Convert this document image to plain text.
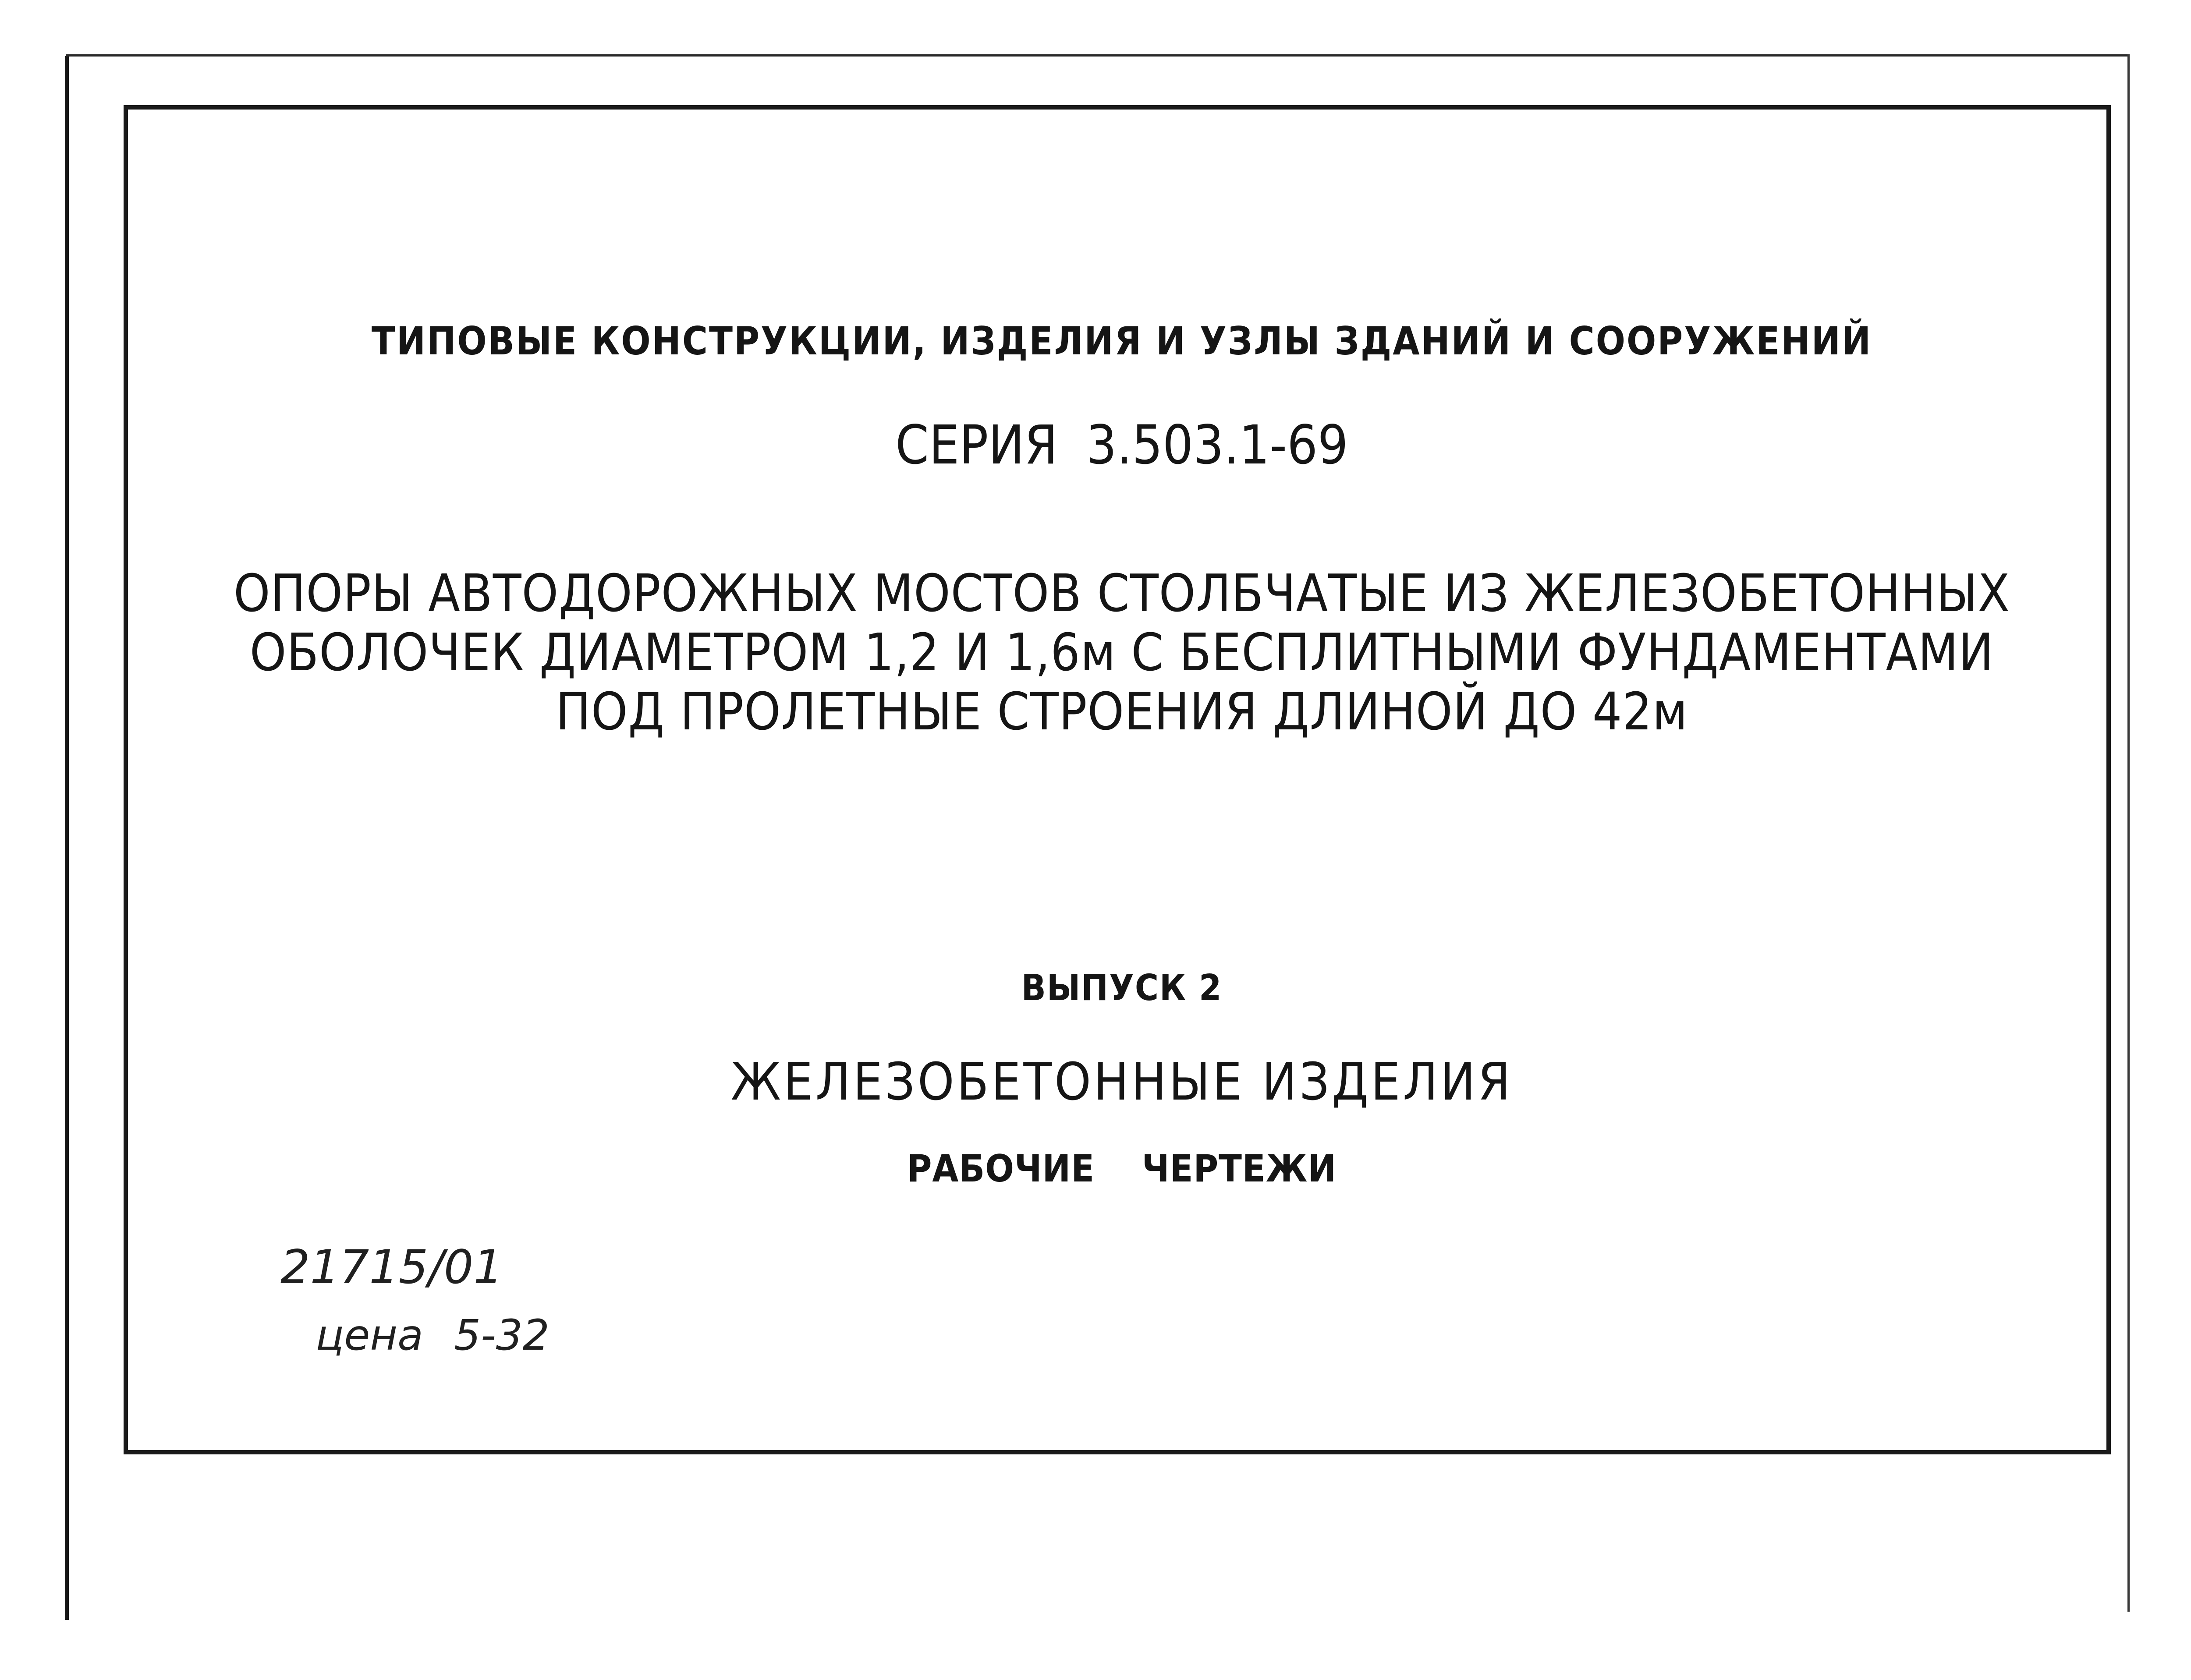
ТИПОВЫЕ КОНСТРУКЦИИ, ИЗДЕЛИЯ И УЗЛЫ ЗДАНИЙ И СООРУЖЕНИЙ
СЕРИЯ 3.503.1-69
ОПОРЫ АВТОДОРОЖНЫХ МОСТОВ СТОЛБЧАТЫЕ ИЗ ЖЕЛЕЗОБЕТОННЫХ
ОБОЛОЧЕК ДИАМЕТРОМ 1,2 И 1,6м С БЕСПЛИТНЫМИ ФУНДАМЕНТАМИ
ПОД ПРОЛЕТНЫЕ СТРОЕНИЯ ДЛИНОЙ ДО 42м
ВЫПУСК 2
ЖЕЛЕЗОБЕТОННЫЕ ИЗДЕЛИЯ
РАБОЧИЕ ЧЕРТЕЖИ
21715/01
цена 5-32
